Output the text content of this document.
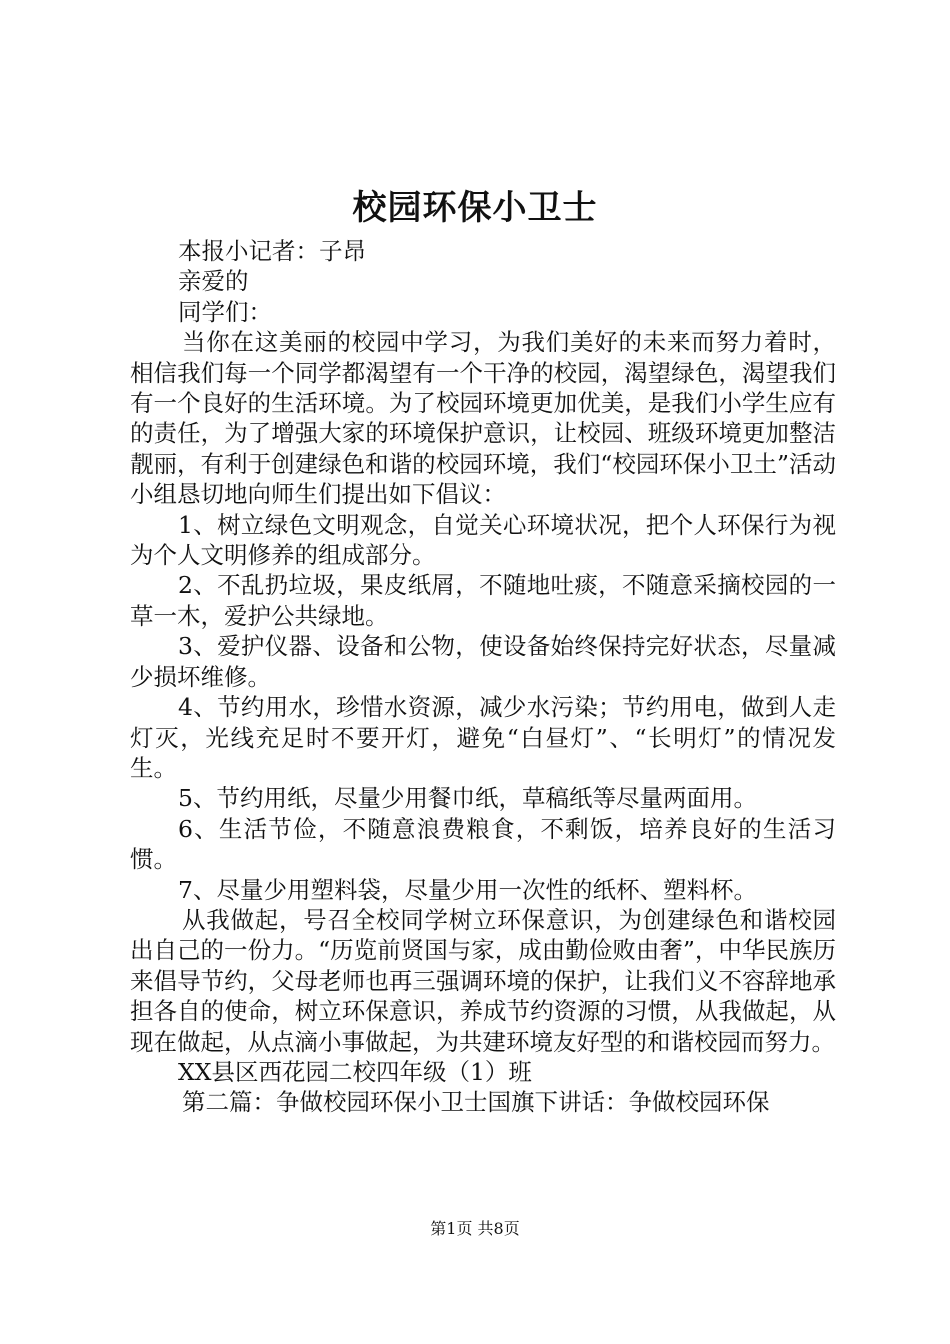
校园环保小卫士

本报小记者：子昂

亲爱的

同学们：

当你在这美丽的校园中学习，为我们美好的未来而努力着时，相信我们每一个同学都渴望有一个干净的校园，渴望绿色，渴望我们有一个良好的生活环境。为了校园环境更加优美，是我们小学生应有的责任，为了增强大家的环境保护意识，让校园、班级环境更加整洁靓丽，有利于创建绿色和谐的校园环境，我们“校园环保小卫土”活动小组恳切地向师生们提出如下倡议：

1、树立绿色文明观念，自觉关心环境状况，把个人环保行为视为个人文明修养的组成部分。

2、不乱扔垃圾，果皮纸屑，不随地吐痰，不随意采摘校园的一草一木，爱护公共绿地。

3、爱护仪器、设备和公物，使设备始终保持完好状态，尽量减少损坏维修。

4、节约用水，珍惜水资源，减少水污染；节约用电，做到人走灯灭，光线充足时不要开灯，避免“白昼灯”、“长明灯”的情况发生。

5、节约用纸，尽量少用餐巾纸，草稿纸等尽量两面用。

6、生活节俭，不随意浪费粮食，不剩饭，培养良好的生活习惯。

7、尽量少用塑料袋，尽量少用一次性的纸杯、塑料杯。

从我做起，号召全校同学树立环保意识，为创建绿色和谐校园出自己的一份力。“历览前贤国与家，成由勤俭败由奢”，中华民族历来倡导节约，父母老师也再三强调环境的保护，让我们义不容辞地承担各自的使命，树立环保意识，养成节约资源的习惯，从我做起，从现在做起，从点滴小事做起，为共建环境友好型的和谐校园而努力。

XX县区西花园二校四年级（1）班

第二篇：争做校园环保小卫士国旗下讲话：争做校园环保

第1页 共8页
